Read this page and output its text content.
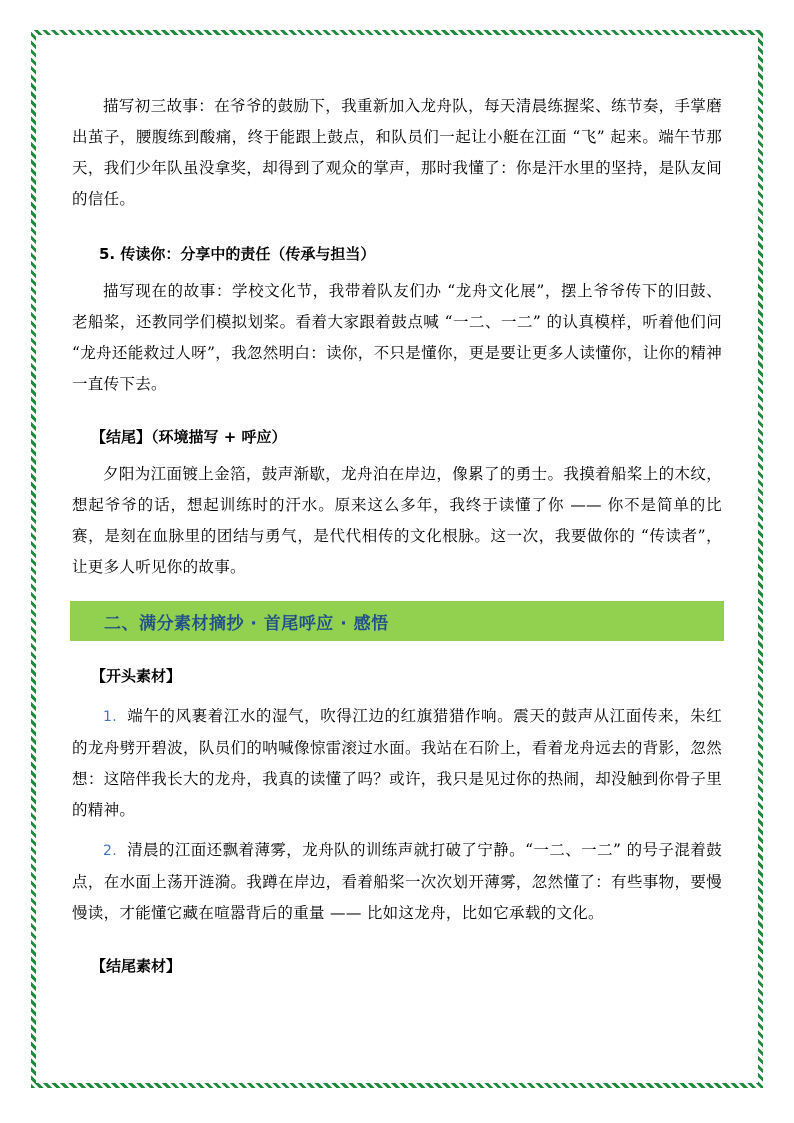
描写初三故事：在爷爷的鼓励下，我重新加入龙舟队，每天清晨练握桨、练节奏，手掌磨出茧子，腰腹练到酸痛，终于能跟上鼓点，和队员们一起让小艇在江面 “飞” 起来。端午节那天，我们少年队虽没拿奖，却得到了观众的掌声，那时我懂了：你是汗水里的坚持，是队友间的信任。

5. 传读你：分享中的责任（传承与担当）

描写现在的故事：学校文化节，我带着队友们办 “龙舟文化展”，摆上爷爷传下的旧鼓、老船桨，还教同学们模拟划桨。看着大家跟着鼓点喊 “一二、一二” 的认真模样，听着他们问 “龙舟还能救过人呀”，我忽然明白：读你，不只是懂你，更是要让更多人读懂你，让你的精神一直传下去。

【结尾】（环境描写 + 呼应）

夕阳为江面镀上金箔，鼓声渐歇，龙舟泊在岸边，像累了的勇士。我摸着船桨上的木纹，想起爷爷的话，想起训练时的汗水。原来这么多年，我终于读懂了你 —— 你不是简单的比赛，是刻在血脉里的团结与勇气，是代代相传的文化根脉。这一次，我要做你的 “传读者”，让更多人听见你的故事。

二、满分素材摘抄 · 首尾呼应 · 感悟
【开头素材】

1. 端午的风裹着江水的湿气，吹得江边的红旗猎猎作响。震天的鼓声从江面传来，朱红的龙舟劈开碧波，队员们的呐喊像惊雷滚过水面。我站在石阶上，看着龙舟远去的背影，忽然想：这陪伴我长大的龙舟，我真的读懂了吗？或许，我只是见过你的热闹，却没触到你骨子里的精神。

2. 清晨的江面还飘着薄雾，龙舟队的训练声就打破了宁静。“一二、一二” 的号子混着鼓点，在水面上荡开涟漪。我蹲在岸边，看着船桨一次次划开薄雾，忽然懂了：有些事物，要慢慢读，才能懂它藏在喧嚣背后的重量 —— 比如这龙舟，比如它承载的文化。

【结尾素材】
